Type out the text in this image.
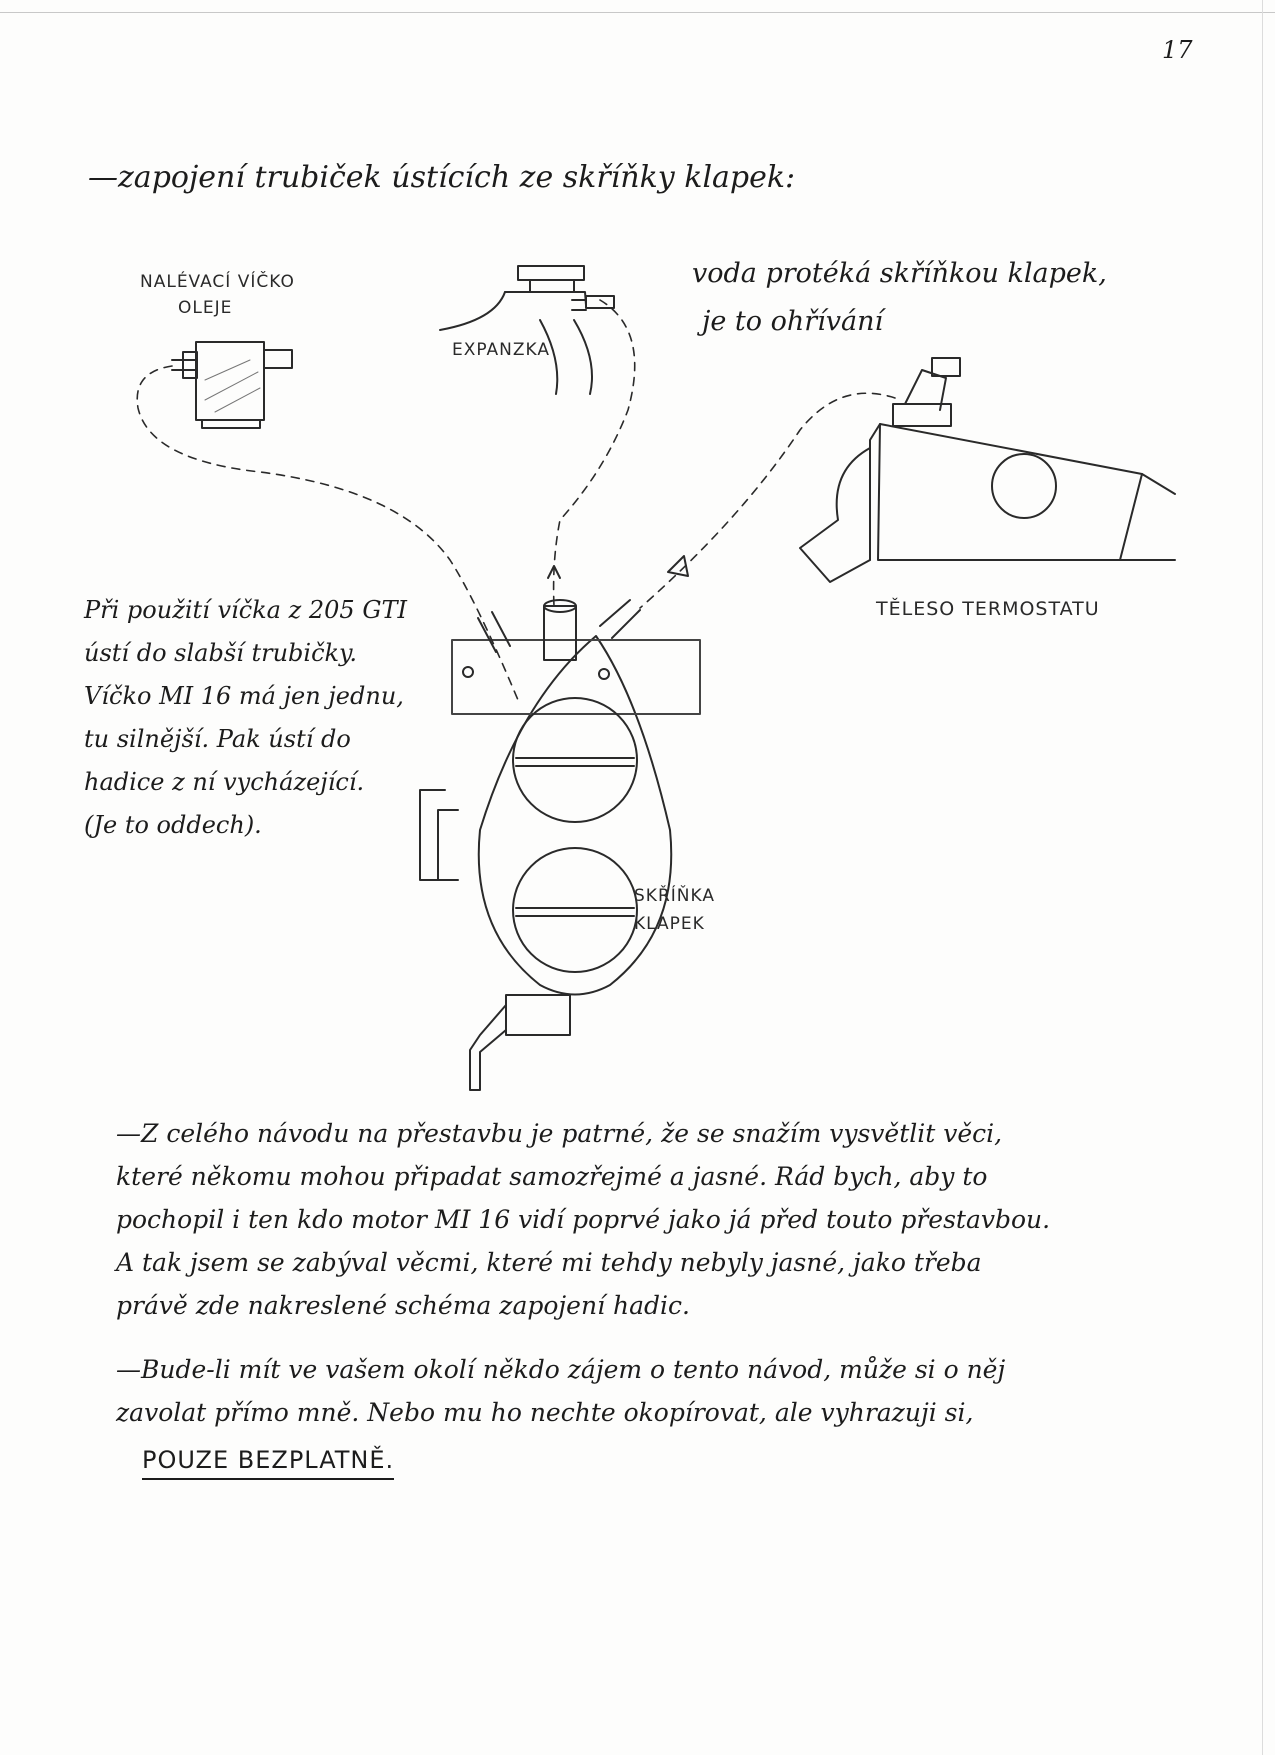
17
—zapojení trubiček ústících ze skříňky klapek:
NALÉVACÍ VÍČKO
OLEJE
EXPANZKA
TĚLESO TERMOSTATU
SKŘÍŇKA
KLAPEK
voda protéká skříňkou klapek,
je to ohřívání
Při použití víčka z 205 GTI
ústí do slabší trubičky.
Víčko MI 16 má jen jednu,
tu silnější. Pak ústí do
hadice z ní vycházející.
(Je to oddech).
—Z celého návodu na přestavbu je patrné, že se snažím vysvětlit věci,
které někomu mohou připadat samozřejmé a jasné. Rád bych, aby to
pochopil i ten kdo motor MI 16 vidí poprvé jako já před touto přestavbou.
A tak jsem se zabýval věcmi, které mi tehdy nebyly jasné, jako třeba
právě zde nakreslené schéma zapojení hadic.
—Bude-li mít ve vašem okolí někdo zájem o tento návod, může si o něj
zavolat přímo mně. Nebo mu ho nechte okopírovat, ale vyhrazuji si,
POUZE BEZPLATNĚ.
